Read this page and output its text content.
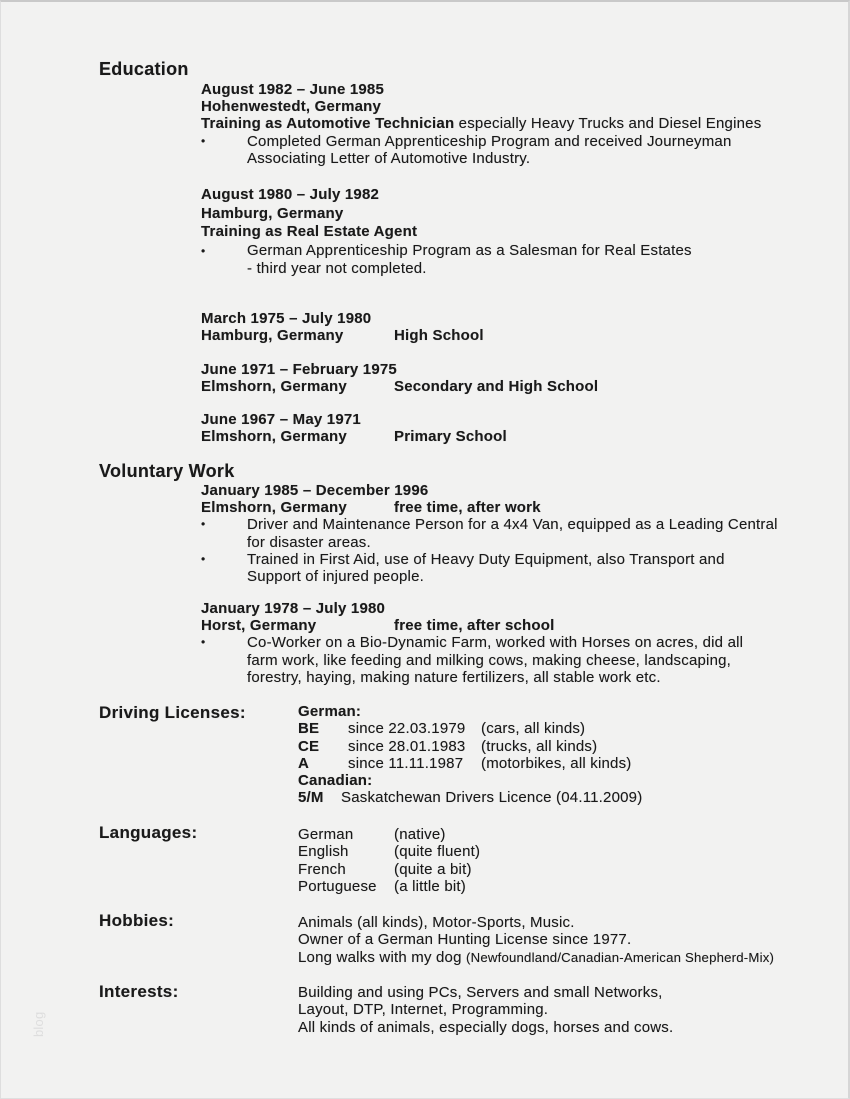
Education
August 1982 – June 1985
Hohenwestedt, Germany
Training as Automotive Technician especially Heavy Trucks and Diesel Engines
•	Completed German Apprenticeship Program and received Journeyman
Associating Letter of Automotive Industry.
August 1980 – July 1982
Hamburg, Germany
Training as Real Estate Agent
•	German Apprenticeship Program as a Salesman for Real Estates
- third year not completed.
March 1975 – July 1980
Hamburg, Germany	High School
June 1971 – February 1975
Elmshorn, Germany	Secondary and High School
June 1967 – May 1971
Elmshorn, Germany	Primary School
Voluntary Work
January 1985 – December 1996
Elmshorn, Germany	free time, after work
•	Driver and Maintenance Person for a 4x4 Van, equipped as a Leading Central
for disaster areas.
•	Trained in First Aid, use of Heavy Duty Equipment, also Transport and
Support of injured people.
January 1978 – July 1980
Horst, Germany	free time, after school
•	Co-Worker on a Bio-Dynamic Farm, worked with Horses on acres, did all
farm work, like feeding and milking cows, making cheese, landscaping,
forestry, haying, making nature fertilizers, all stable work etc.
Driving Licenses:	German:
BE	since 22.03.1979	(cars, all kinds)
CE	since 28.01.1983	(trucks, all kinds)
A	since 11.11.1987	(motorbikes, all kinds)
Canadian:
5/M	Saskatchewan Drivers Licence (04.11.2009)
Languages:	German	(native)
English	(quite fluent)
French	(quite a bit)
Portuguese	(a little bit)
Hobbies:	Animals (all kinds), Motor-Sports, Music.
Owner of a German Hunting License since 1977.
Long walks with my dog (Newfoundland/Canadian-American Shepherd-Mix)
Interests:	Building and using PCs, Servers and small Networks,
Layout, DTP, Internet, Programming.
All kinds of animals, especially dogs, horses and cows.
blog
